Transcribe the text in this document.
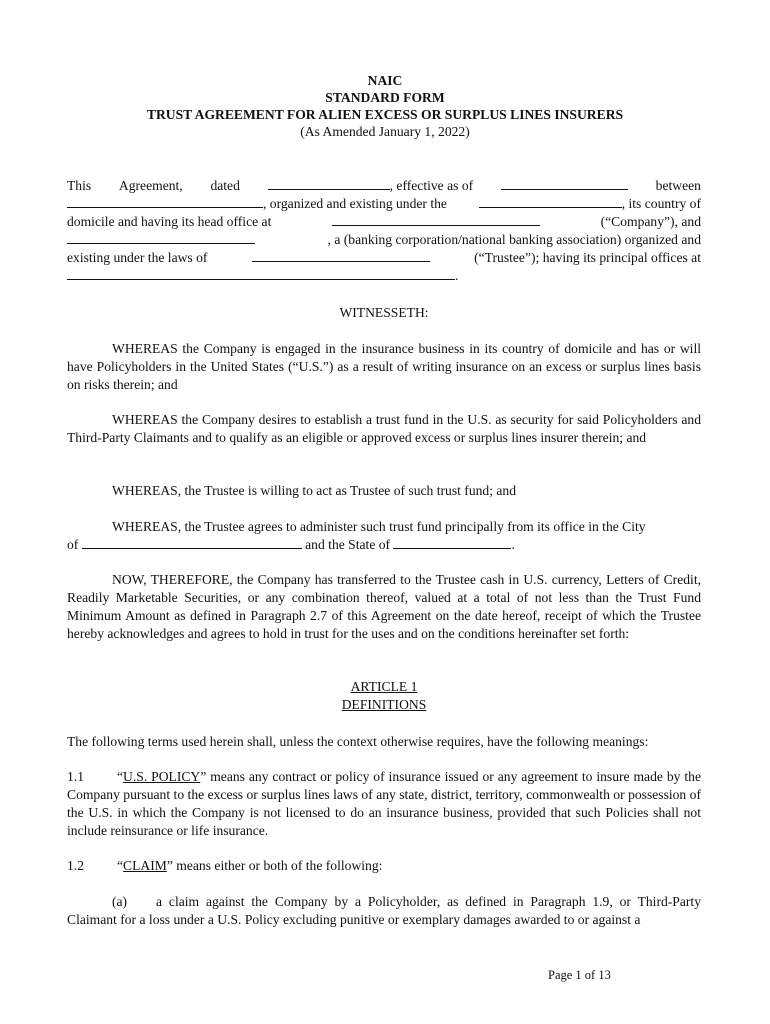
NAIC
STANDARD FORM
TRUST AGREEMENT FOR ALIEN EXCESS OR SURPLUS LINES INSURERS
(As Amended January 1, 2022)
This Agreement, dated	, effective as of	between
, organized and existing under the	, its country of
domicile and having its head office at	(“Company”), and
, a (banking corporation/national banking association) organized and
existing under the laws of	(“Trustee”); having its principal offices at
.
WITNESSETH:
WHEREAS the Company is engaged in the insurance business in its country of domicile and has or will have Policyholders in the United States (“U.S.”) as a result of writing insurance on an excess or surplus lines basis on risks therein; and
WHEREAS the Company desires to establish a trust fund in the U.S. as security for said Policyholders and Third-Party Claimants and to qualify as an eligible or approved excess or surplus lines insurer therein; and
WHEREAS, the Trustee is willing to act as Trustee of such trust fund; and
WHEREAS, the Trustee agrees to administer such trust fund principally from its office in the City
of	and the State of	.
NOW, THEREFORE, the Company has transferred to the Trustee cash in U.S. currency, Letters of Credit, Readily Marketable Securities, or any combination thereof, valued at a total of not less than the Trust Fund Minimum Amount as defined in Paragraph 2.7 of this Agreement on the date hereof, receipt of which the Trustee hereby acknowledges and agrees to hold in trust for the uses and on the conditions hereinafter set forth:
ARTICLE 1
DEFINITIONS
The following terms used herein shall, unless the context otherwise requires, have the following meanings:
1.1 “U.S. POLICY” means any contract or policy of insurance issued or any agreement to insure made by the Company pursuant to the excess or surplus lines laws of any state, district, territory, commonwealth or possession of the U.S. in which the Company is not licensed to do an insurance business, provided that such Policies shall not include reinsurance or life insurance.
1.2 “CLAIM” means either or both of the following:
(a) a claim against the Company by a Policyholder, as defined in Paragraph 1.9, or Third-Party Claimant for a loss under a U.S. Policy excluding punitive or exemplary damages awarded to or against a
Page 1 of 13
